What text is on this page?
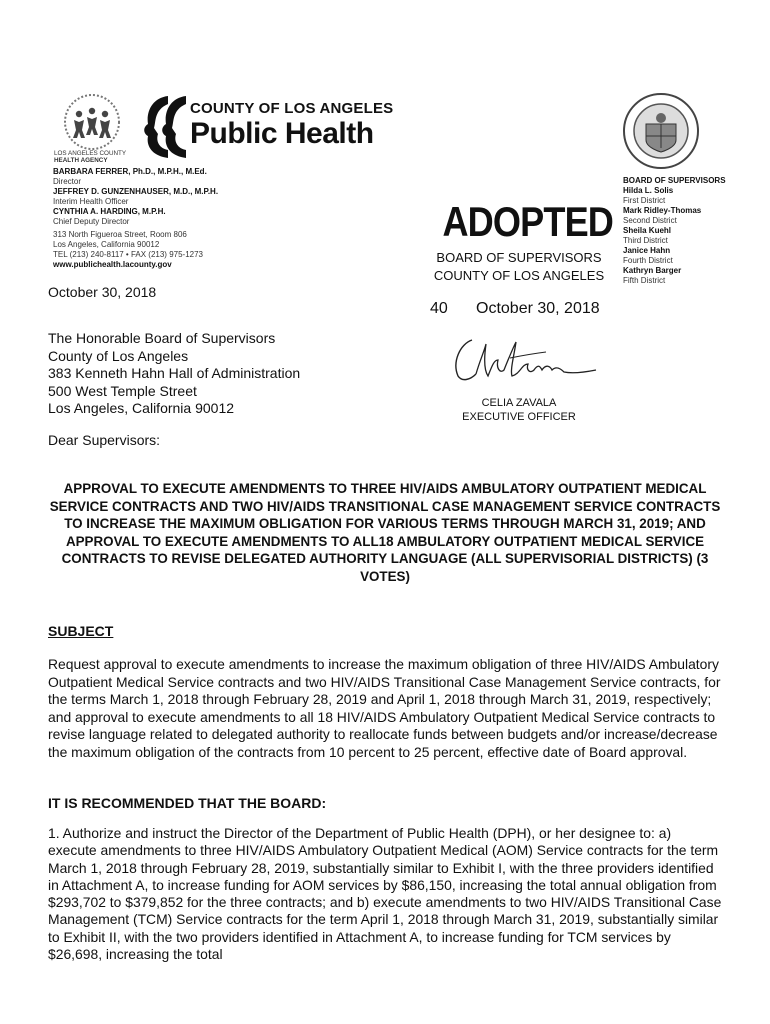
LOS ANGELES COUNTY
HEALTH AGENCY
COUNTY OF LOS ANGELES
Public Health
BARBARA FERRER, Ph.D., M.P.H., M.Ed.
Director
JEFFREY D. GUNZENHAUSER, M.D., M.P.H.
Interim Health Officer
CYNTHIA A. HARDING, M.P.H.
Chief Deputy Director
313 North Figueroa Street, Room 806
Los Angeles, California 90012
TEL (213) 240-8117 • FAX (213) 975-1273
www.publichealth.lacounty.gov
BOARD OF SUPERVISORS
Hilda L. Solis
First District
Mark Ridley-Thomas
Second District
Sheila Kuehl
Third District
Janice Hahn
Fourth District
Kathryn Barger
Fifth District
ADOPTED
BOARD OF SUPERVISORS
COUNTY OF LOS ANGELES
40 October 30, 2018
CELIA ZAVALA
EXECUTIVE OFFICER
October 30, 2018
The Honorable Board of Supervisors
County of Los Angeles
383 Kenneth Hahn Hall of Administration
500 West Temple Street
Los Angeles, California 90012
Dear Supervisors:
APPROVAL TO EXECUTE AMENDMENTS TO THREE HIV/AIDS AMBULATORY OUTPATIENT MEDICAL SERVICE CONTRACTS AND TWO HIV/AIDS TRANSITIONAL CASE MANAGEMENT SERVICE CONTRACTS TO INCREASE THE MAXIMUM OBLIGATION FOR VARIOUS TERMS THROUGH MARCH 31, 2019; AND APPROVAL TO EXECUTE AMENDMENTS TO ALL18 AMBULATORY OUTPATIENT MEDICAL SERVICE CONTRACTS TO REVISE DELEGATED AUTHORITY LANGUAGE (ALL SUPERVISORIAL DISTRICTS) (3 VOTES)
SUBJECT

Request approval to execute amendments to increase the maximum obligation of three HIV/AIDS Ambulatory Outpatient Medical Service contracts and two HIV/AIDS Transitional Case Management Service contracts, for the terms March 1, 2018 through February 28, 2019 and April 1, 2018 through March 31, 2019, respectively; and approval to execute amendments to all 18 HIV/AIDS Ambulatory Outpatient Medical Service contracts to revise language related to delegated authority to reallocate funds between budgets and/or increase/decrease the maximum obligation of the contracts from 10 percent to 25 percent, effective date of Board approval.

IT IS RECOMMENDED THAT THE BOARD:

1. Authorize and instruct the Director of the Department of Public Health (DPH), or her designee to: a) execute amendments to three HIV/AIDS Ambulatory Outpatient Medical (AOM) Service contracts for the term March 1, 2018 through February 28, 2019, substantially similar to Exhibit I, with the three providers identified in Attachment A, to increase funding for AOM services by $86,150, increasing the total annual obligation from $293,702 to $379,852 for the three contracts; and b) execute amendments to two HIV/AIDS Transitional Case Management (TCM) Service contracts for the term April 1, 2018 through March 31, 2019, substantially similar to Exhibit II, with the two providers identified in Attachment A, to increase funding for TCM services by $26,698, increasing the total
